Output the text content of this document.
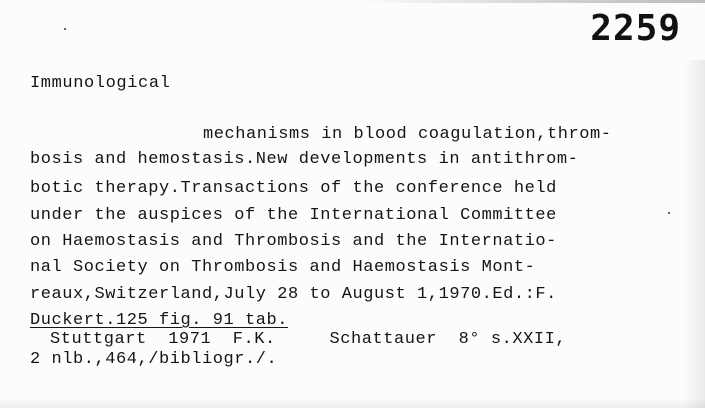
2259
Immunological
mechanisms in blood coagulation,throm-
bosis and hemostasis.New developments in antithrom-
botic therapy.Transactions of the conference held
under the auspices of the International Committee
on Haemostasis and Thrombosis and the Internatio-
nal Society on Thrombosis and Haemostasis Mont-
reaux,Switzerland,July 28 to August 1,1970.Ed.:F.
Duckert.125 fig. 91 tab.
Stuttgart  1971  F.K.     Schattauer  8° s.XXII,
2 nlb.,464,/bibliogr./.
